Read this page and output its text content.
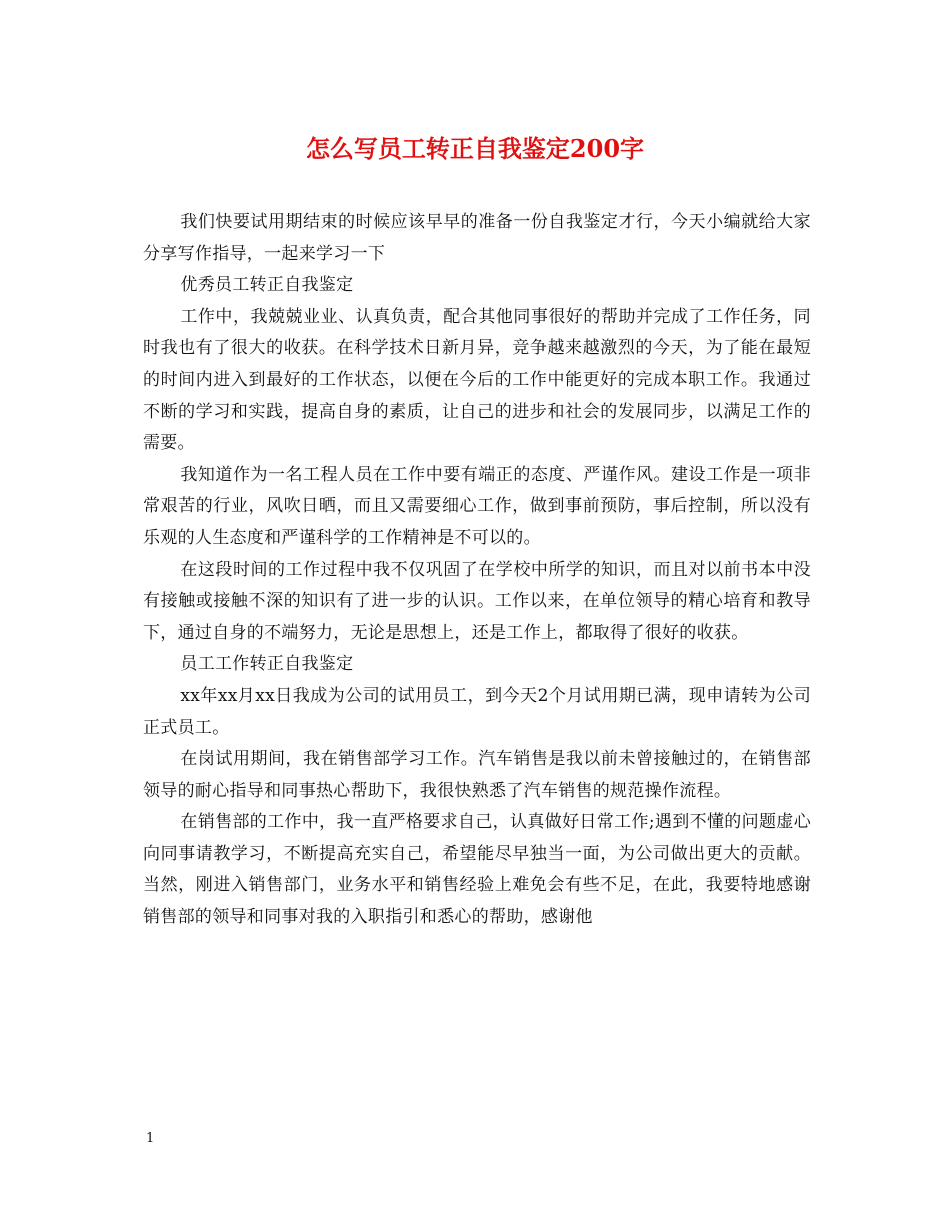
怎么写员工转正自我鉴定200字

我们快要试用期结束的时候应该早早的准备一份自我鉴定才行，今天小编就给大家分享写作指导，一起来学习一下

优秀员工转正自我鉴定

工作中，我兢兢业业、认真负责，配合其他同事很好的帮助并完成了工作任务，同时我也有了很大的收获。在科学技术日新月异，竞争越来越激烈的今天，为了能在最短的时间内进入到最好的工作状态，以便在今后的工作中能更好的完成本职工作。我通过不断的学习和实践，提高自身的素质，让自己的进步和社会的发展同步，以满足工作的需要。

我知道作为一名工程人员在工作中要有端正的态度、严谨作风。建设工作是一项非常艰苦的行业，风吹日晒，而且又需要细心工作，做到事前预防，事后控制，所以没有乐观的人生态度和严谨科学的工作精神是不可以的。

在这段时间的工作过程中我不仅巩固了在学校中所学的知识，而且对以前书本中没有接触或接触不深的知识有了进一步的认识。工作以来，在单位领导的精心培育和教导下，通过自身的不端努力，无论是思想上，还是工作上，都取得了很好的收获。

员工工作转正自我鉴定

xx年xx月xx日我成为公司的试用员工，到今天2个月试用期已满，现申请转为公司正式员工。

在岗试用期间，我在销售部学习工作。汽车销售是我以前未曾接触过的，在销售部领导的耐心指导和同事热心帮助下，我很快熟悉了汽车销售的规范操作流程。

在销售部的工作中，我一直严格要求自己，认真做好日常工作;遇到不懂的问题虚心向同事请教学习，不断提高充实自己，希望能尽早独当一面，为公司做出更大的贡献。当然，刚进入销售部门，业务水平和销售经验上难免会有些不足，在此，我要特地感谢销售部的领导和同事对我的入职指引和悉心的帮助，感谢他

1
